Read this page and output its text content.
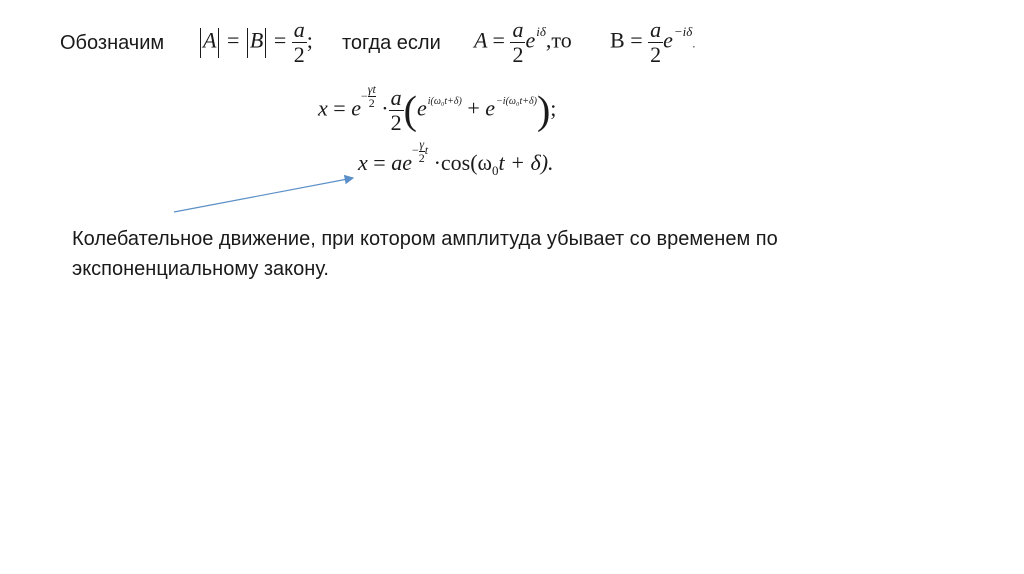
Обозначим $A = B = \frac{a}{2}$ ; тогда если $A = \frac{a}{2} e^{i\delta},то$ $B = \frac{a}{2} e^{-i\delta}$.
$x = e^{- \frac{\gamma t}{2}} \cdot \frac{a}{2} (e^{i(\omega_0t+\delta)} + e^{-i(\omega_0t+\delta)})$;
$x = ae^{- \frac{\gamma}{2} t} \cdot\cos(\omega_0t + \delta)$.
Колебательное движение, при котором амплитуда убывает со временем по
экспоненциальному закону.
